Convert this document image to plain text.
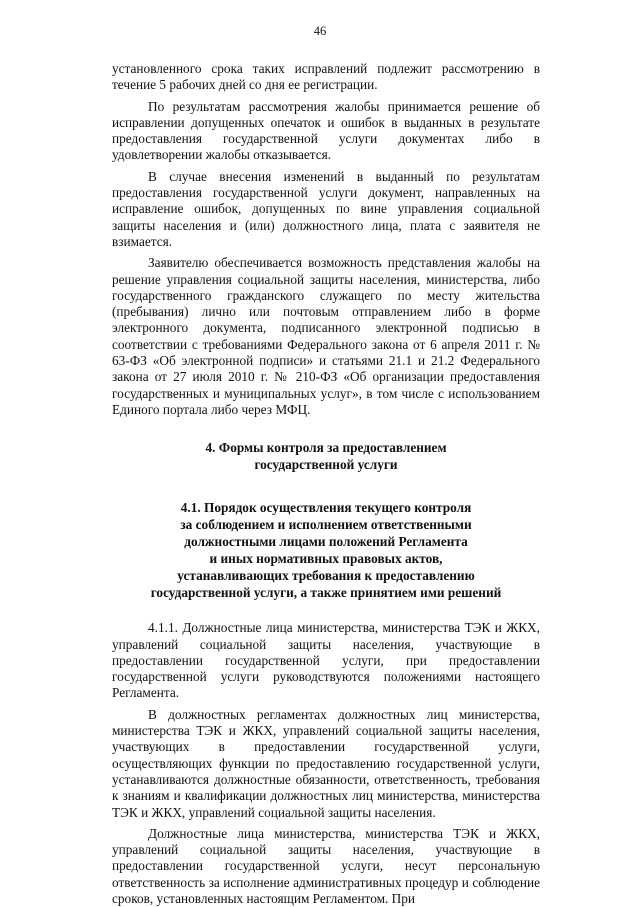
46

установленного срока таких исправлений подлежит рассмотрению в течение 5 рабочих дней со дня ее регистрации.

По результатам рассмотрения жалобы принимается решение об исправлении допущенных опечаток и ошибок в выданных в результате предоставления государственной услуги документах либо в удовлетворении жалобы отказывается.

В случае внесения изменений в выданный по результатам предоставления государственной услуги документ, направленных на исправление ошибок, допущенных по вине управления социальной защиты населения и (или) должностного лица, плата с заявителя не взимается.

Заявителю обеспечивается возможность представления жалобы на решение управления социальной защиты населения, министерства, либо государственного гражданского служащего по месту жительства (пребывания) лично или почтовым отправлением либо в форме электронного документа, подписанного электронной подписью в соответствии с требованиями Федерального закона от 6 апреля 2011 г. № 63-ФЗ «Об электронной подписи» и статьями 21.1 и 21.2 Федерального закона от 27 июля 2010 г. № 210-ФЗ «Об организации предоставления государственных и муниципальных услуг», в том числе с использованием Единого портала либо через МФЦ.

4. Формы контроля за предоставлением
государственной услуги
4.1. Порядок осуществления текущего контроля
за соблюдением и исполнением ответственными
должностными лицами положений Регламента
и иных нормативных правовых актов,
устанавливающих требования к предоставлению
государственной услуги, а также принятием ими решений

4.1.1. Должностные лица министерства, министерства ТЭК и ЖКХ, управлений социальной защиты населения, участвующие в предоставлении государственной услуги, при предоставлении государственной услуги руководствуются положениями настоящего Регламента.

В должностных регламентах должностных лиц министерства, министерства ТЭК и ЖКХ, управлений социальной защиты населения, участвующих в предоставлении государственной услуги, осуществляющих функции по предоставлению государственной услуги, устанавливаются должностные обязанности, ответственность, требования к знаниям и квалификации должностных лиц министерства, министерства ТЭК и ЖКХ, управлений социальной защиты населения.

Должностные лица министерства, министерства ТЭК и ЖКХ, управлений социальной защиты населения, участвующие в предоставлении государственной услуги, несут персональную ответственность за исполнение административных процедур и соблюдение сроков, установленных настоящим Регламентом. При
